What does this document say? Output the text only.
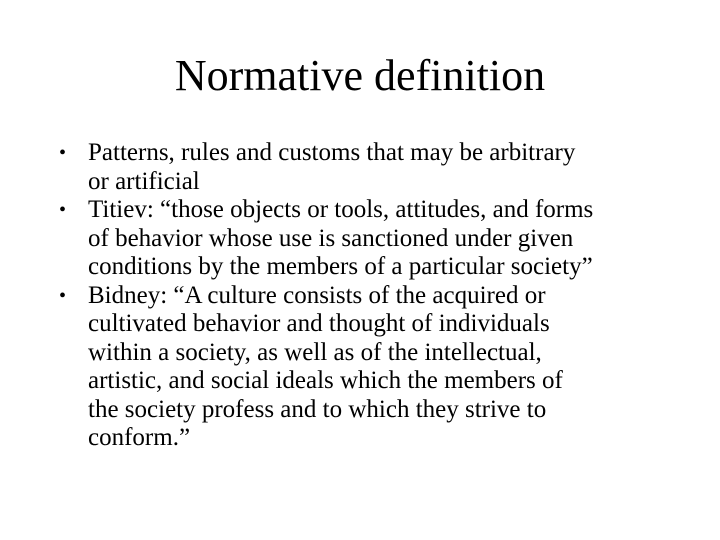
Normative definition
• Patterns, rules and customs that may be arbitrary
or artificial
• Titiev: “those objects or tools, attitudes, and forms
of behavior whose use is sanctioned under given
conditions by the members of a particular society”
• Bidney: “A culture consists of the acquired or
cultivated behavior and thought of individuals
within a society, as well as of the intellectual,
artistic, and social ideals which the members of
the society profess and to which they strive to
conform.”
